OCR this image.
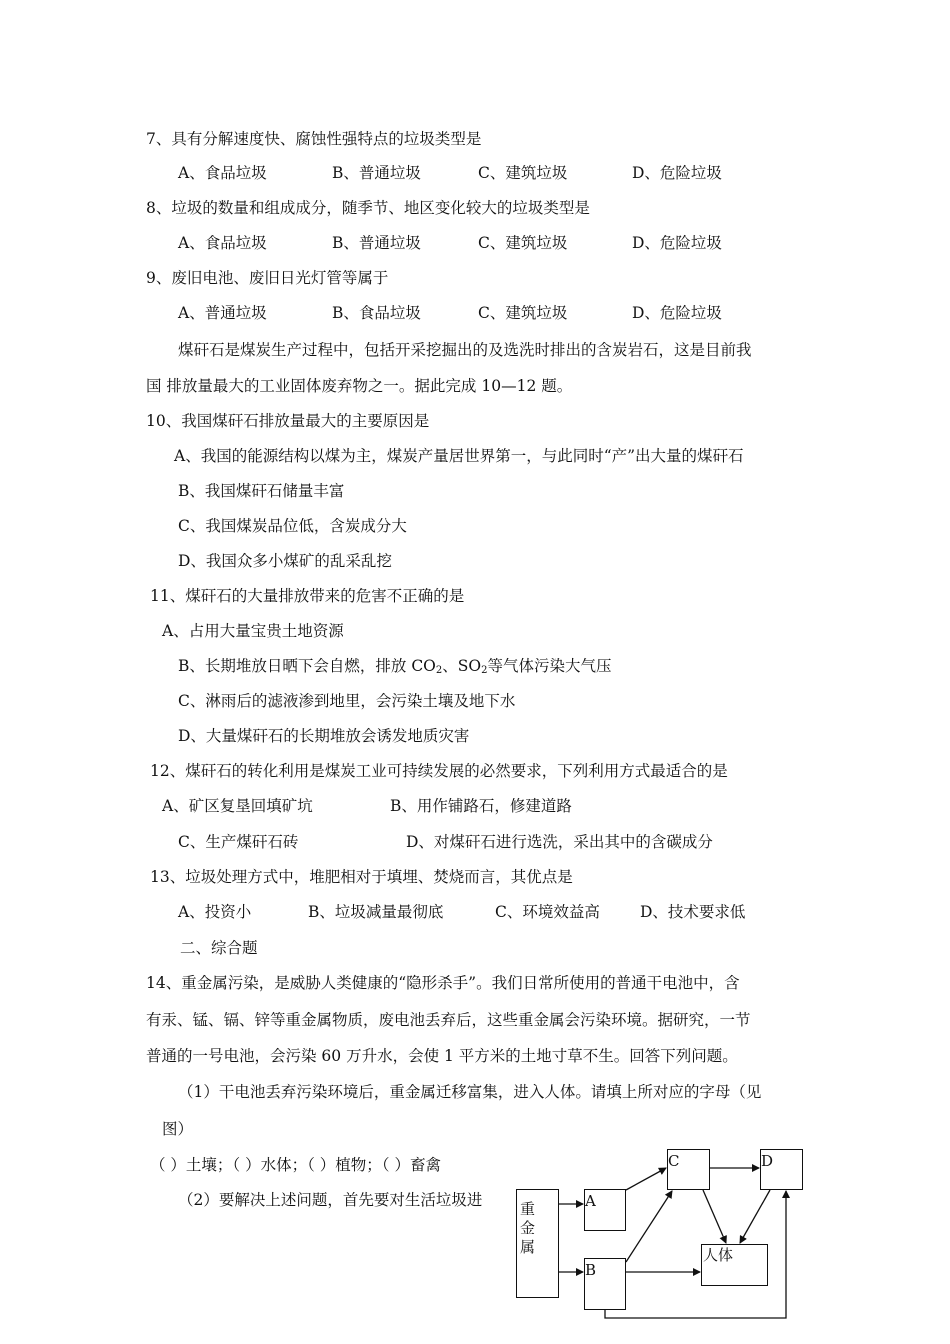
7、具有分解速度快、腐蚀性强特点的垃圾类型是
A、食品垃圾	B、普通垃圾	C、建筑垃圾	D、危险垃圾
8、垃圾的数量和组成成分，随季节、地区变化较大的垃圾类型是
A、食品垃圾	B、普通垃圾	C、建筑垃圾	D、危险垃圾
9、废旧电池、废旧日光灯管等属于
A、普通垃圾	B、食品垃圾	C、建筑垃圾	D、危险垃圾
煤矸石是煤炭生产过程中，包括开采挖掘出的及选洗时排出的含炭岩石，这是目前我
国 排放量最大的工业固体废弃物之一。据此完成 10—12 题。
10、我国煤矸石排放量最大的主要原因是
A、我国的能源结构以煤为主，煤炭产量居世界第一，与此同时“产”出大量的煤矸石
B、我国煤矸石储量丰富
C、我国煤炭品位低，含炭成分大
D、我国众多小煤矿的乱采乱挖
11、煤矸石的大量排放带来的危害不正确的是
A、占用大量宝贵土地资源
B、长期堆放日晒下会自燃，排放 $CO_2$、$SO_2$等气体污染大气压
C、淋雨后的滤液渗到地里，会污染土壤及地下水
D、大量煤矸石的长期堆放会诱发地质灾害
12、煤矸石的转化利用是煤炭工业可持续发展的必然要求，下列利用方式最适合的是
A、矿区复垦回填矿坑	B、用作铺路石，修建道路
C、生产煤矸石砖	D、对煤矸石进行选洗，采出其中的含碳成分
13、垃圾处理方式中，堆肥相对于填埋、焚烧而言，其优点是
A、投资小	B、垃圾减量最彻底	C、环境效益高	D、技术要求低
二、综合题
14、重金属污染，是威胁人类健康的“隐形杀手”。我们日常所使用的普通干电池中，含
有汞、锰、镉、锌等重金属物质，废电池丢弃后，这些重金属会污染环境。据研究，一节
普通的一号电池，会污染 60 万升水，会使 1 平方米的土地寸草不生。回答下列问题。
（1）干电池丢弃污染环境后，重金属迁移富集，进入人体。请填上所对应的字母（见
图）
（ ）土壤；（ ）水体；（ ）植物；（ ）畜禽
（2）要解决上述问题，首先要对生活垃圾进	重金属
A
B
C	D
人体
